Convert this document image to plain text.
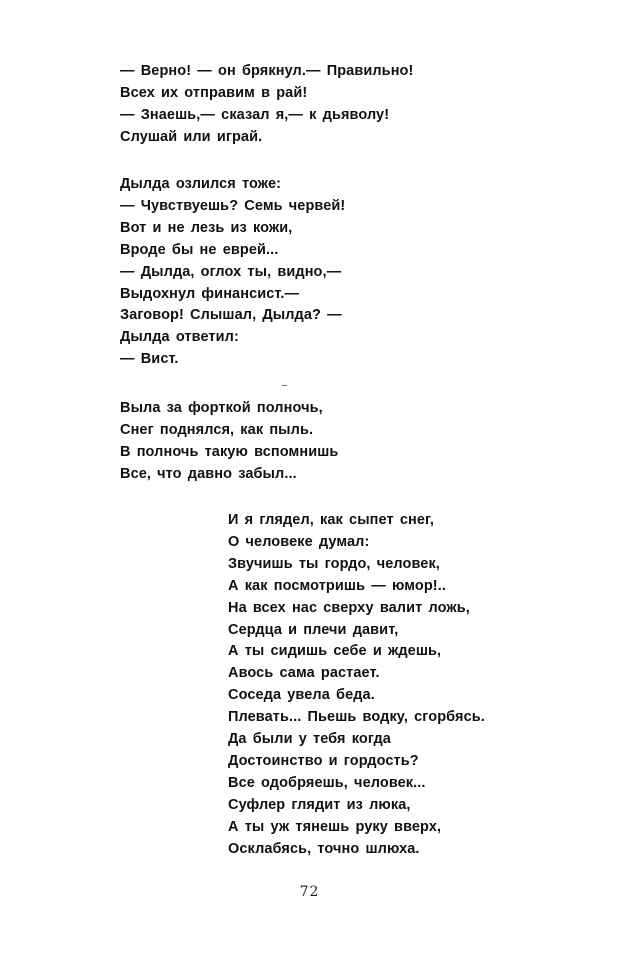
— Верно! — он брякнул.— Правильно!
Всех их отправим в рай!
— Знаешь,— сказал я,— к дьяволу!
Слушай или играй.
Дылда озлился тоже:
— Чувствуешь? Семь червей!
Вот и не лезь из кожи,
Вроде бы не еврей...
— Дылда, оглох ты, видно,—
Выдохнул финансист.—
Заговор! Слышал, Дылда? —
Дылда ответил:
— Вист.
Выла за форткой полночь,
Снег поднялся, как пыль.
В полночь такую вспомнишь
Все, что давно забыл...
И я глядел, как сыпет снег,
О человеке думал:
Звучишь ты гордо, человек,
А как посмотришь — юмор!..
На всех нас сверху валит ложь,
Сердца и плечи давит,
А ты сидишь себе и ждешь,
Авось сама растает.
Соседа увела беда.
Плевать... Пьешь водку, сгорбясь.
Да были у тебя когда
Достоинство и гордость?
Все одобряешь, человек...
Суфлер глядит из люка,
А ты уж тянешь руку вверх,
Осклабясь, точно шлюха.
72
